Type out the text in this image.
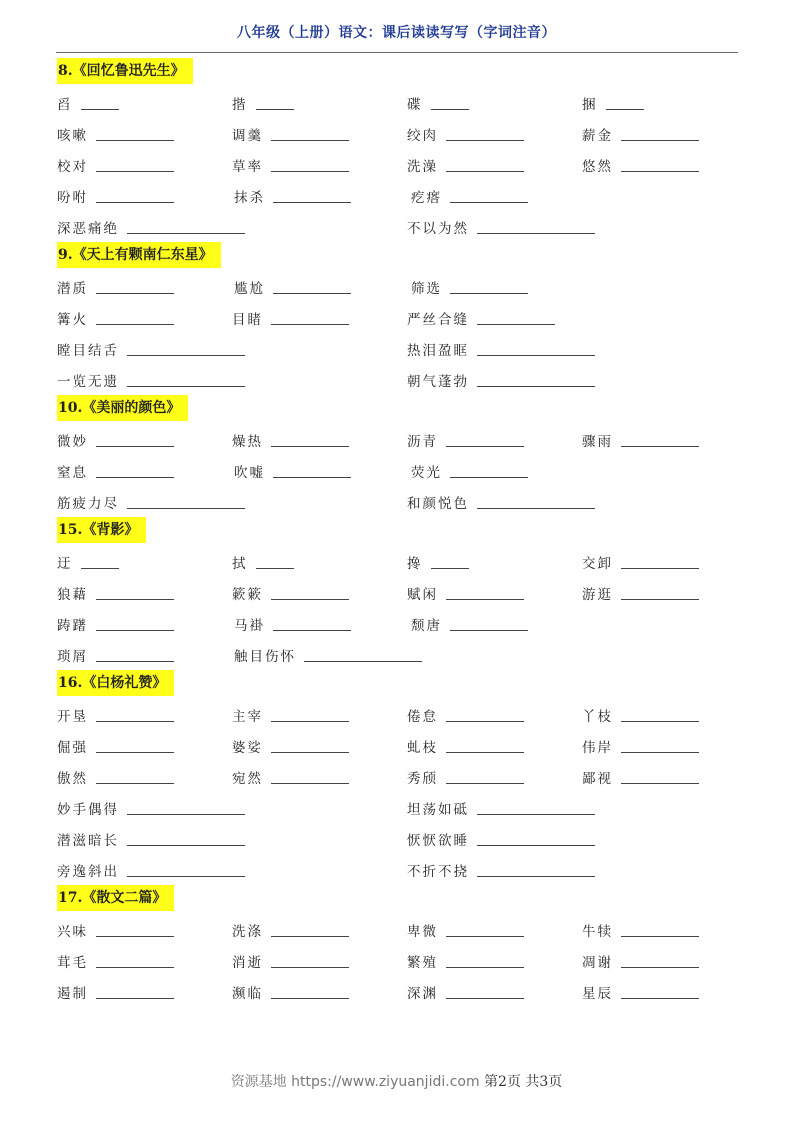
八年级（上册）语文：课后读读写写（字词注音）
8.《回忆鲁迅先生》
舀	揩	碟	捆
咳嗽	调羹	绞肉	薪金
校对	草率	洗澡	悠然
吩咐	抹杀	疙瘩
深恶痛绝	不以为然
9.《天上有颗南仁东星》
潜质	尴尬	筛选
篝火	目睹	严丝合缝
瞠目结舌	热泪盈眶
一览无遗	朝气蓬勃
10.《美丽的颜色》
微妙	燥热	沥青	骤雨
窒息	吹嘘	荧光
筋疲力尽	和颜悦色
15.《背影》
迂	拭	搀	交卸
狼藉	簌簌	赋闲	游逛
踌躇	马褂	颓唐
琐屑	触目伤怀
16.《白杨礼赞》
开垦	主宰	倦怠	丫枝
倔强	婆娑	虬枝	伟岸
傲然	宛然	秀颀	鄙视
妙手偶得	坦荡如砥
潜滋暗长	恹恹欲睡
旁逸斜出	不折不挠
17.《散文二篇》
兴味	洗涤	卑微	牛犊
茸毛	消逝	繁殖	凋谢
遏制	濒临	深渊	星辰
资源基地 https://www.ziyuanjidi.com 第2页 共3页
